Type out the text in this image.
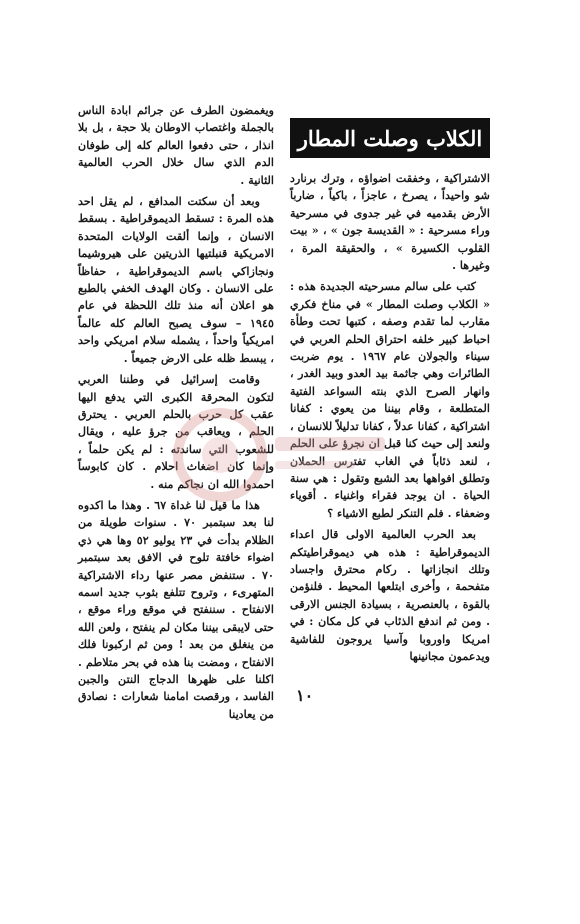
الكلاب وصلت المطار

الاشتراكية ، وخفقت اضواؤه ، وترك برنارد شو واحيداً ، يصرخ ، عاجزاً ، باكياً ، ضارباً الأرض بقدميه في غير جدوى في مسرحية وراء مسرحية : « القديسة جون » ، « بيت القلوب الكسيرة » ، والحقيقة المرة ، وغيرها .

كتب على سالم مسرحيته الجديدة هذه : « الكلاب وصلت المطار » في مناخ فكري مقارب لما تقدم وصفه ، كتبها تحت وطأة احباط كبير خلفه احتراق الحلم العربي في سيناء والجولان عام ١٩٦٧ . يوم ضربت الطائرات وهي جاثمة بيد العدو وبيد الغدر ، وانهار الصرح الذي بنته السواعد الفتية المتطلعة ، وقام بيننا من يعوي : كفانا اشتراكية ، كفانا عدلاً ، كفانا تدليلاً للانسان ، ولنعد إلى حيث كنا قبل ان نجرؤ على الحلم ، لنعد ذئاباً في الغاب تفترس الحملان وتطلق افواهها بعد الشبع وتقول : هي سنة الحياة . ان يوجد فقراء واغنياء . أقوياء وضعفاء . فلم التنكر لطبع الاشياء ؟

بعد الحرب العالمية الاولى قال اعداء الديموقراطية : هذه هي ديموقراطيتكم وتلك انجازاتها . ركام محترق واجساد متفحمة ، وأخرى ابتلعها المحيط . فلنؤمن بالقوة ، بالعنصرية ، بسيادة الجنس الارقى . ومن ثم اندفع الذئاب في كل مكان : في امريكا واوروبا وآسيا يروجون للفاشية ويدعمون مجانينها

ويغمضون الطرف عن جرائم ابادة الناس بالجملة واغتصاب الاوطان بلا حجة ، بل بلا انذار ، حتى دفعوا العالم كله إلى طوفان الدم الذي سال خلال الحرب العالمية الثانية .

وبعد أن سكتت المدافع ، لم يقل احد هذه المرة : تسقط الديموقراطية . بسقط الانسان ، وإنما ألقت الولايات المتحدة الامريكية قنبلتيها الذريتين على هيروشيما ونجازاكي باسم الديموقراطية ، حفاظاً على الانسان . وكان الهدف الخفي بالطبع هو اعلان أنه منذ تلك اللحظة في عام ١٩٤٥ – سوف يصبح العالم كله عالماً امريكياً واحداً ، يشمله سلام امريكي واحد ، يبسط ظله على الارض جميعاً .

وقامت إسرائيل في وطننا العربي لتكون المحرقة الكبرى التي يدفع اليها عقب كل حرب بالحلم العربي . يحترق الحلم ، ويعاقب من جرؤ عليه ، ويقال للشعوب التي ساندته : لم يكن حلماً ، وإنما كان اضغاث احلام . كان كابوساً احمدوا الله ان نجاكم منه .

هذا ما قيل لنا غداة ٦٧ . وهذا ما اكدوه لنا بعد سبتمبر ٧٠ . سنوات طويلة من الظلام بدأت في ٢٣ يوليو ٥٢ وها هي ذي اضواء خافتة تلوح في الافق بعد سبتمبر ٧٠ . ستنفض مصر عنها رداء الاشتراكية المتهرىء ، وتروح تتلفع بثوب جديد اسمه الانفتاح . سننفتح في موقع وراء موقع ، حتى لايبقى بيننا مكان لم ينفتح ، ولعن الله من ينغلق من بعد ! ومن ثم اركبونا فلك الانفتاح ، ومضت بنا هذه في بحر متلاطم . اكلنا على ظهرها الدجاج النتن والجبن الفاسد ، ورقصت امامنا شعارات : نصادق من يعادينا

١٠
